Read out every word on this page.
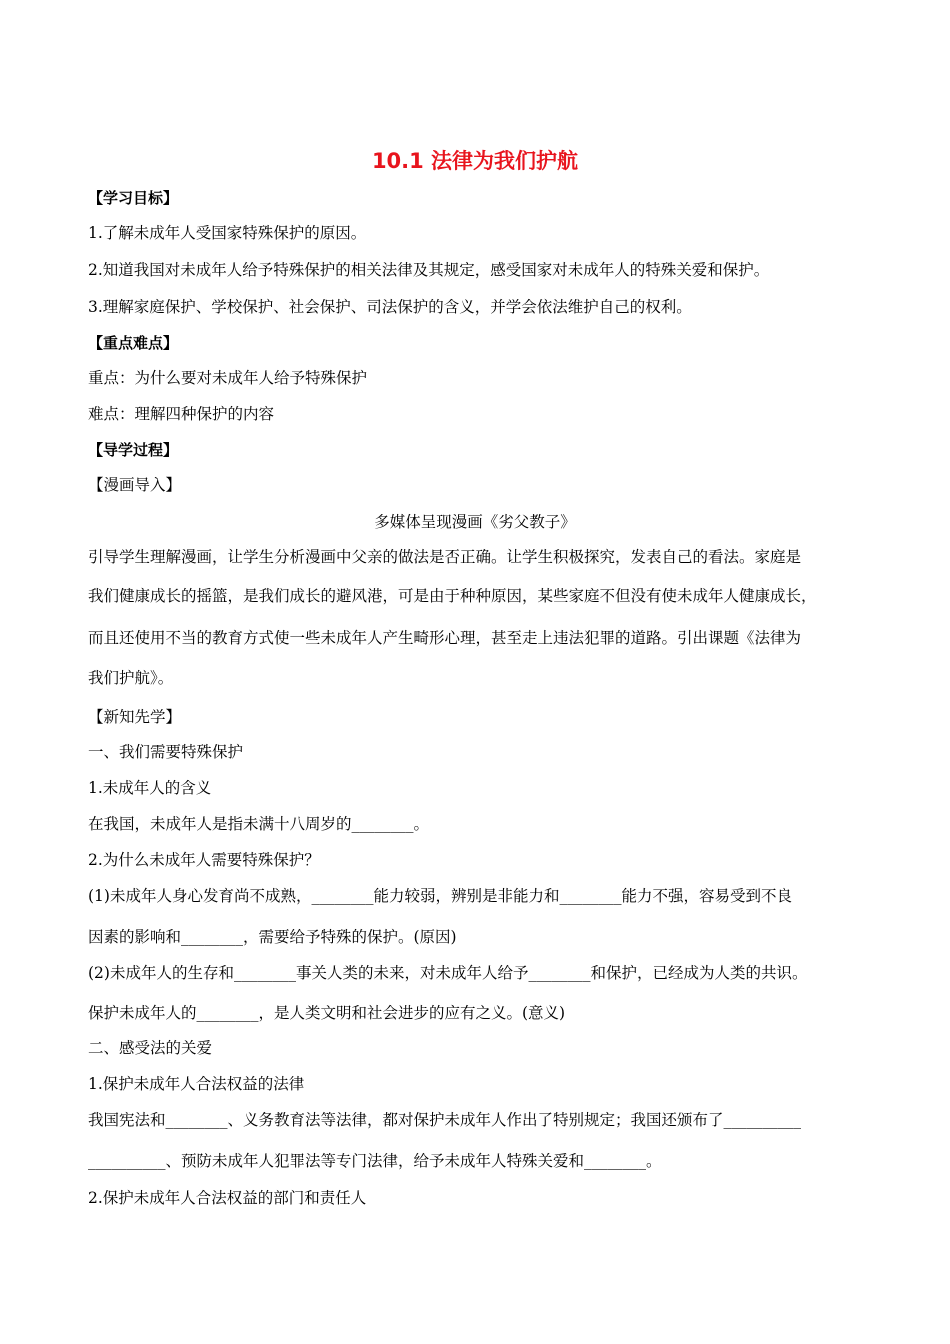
10.1 法律为我们护航
【学习目标】
1.了解未成年人受国家特殊保护的原因。
2.知道我国对未成年人给予特殊保护的相关法律及其规定，感受国家对未成年人的特殊关爱和保护。
3.理解家庭保护、学校保护、社会保护、司法保护的含义，并学会依法维护自己的权利。
【重点难点】
重点：为什么要对未成年人给予特殊保护
难点：理解四种保护的内容
【导学过程】
【漫画导入】
多媒体呈现漫画《劣父教子》
引导学生理解漫画，让学生分析漫画中父亲的做法是否正确。让学生积极探究，发表自己的看法。家庭是
我们健康成长的摇篮，是我们成长的避风港，可是由于种种原因，某些家庭不但没有使未成年人健康成长，
而且还使用不当的教育方式使一些未成年人产生畸形心理，甚至走上违法犯罪的道路。引出课题《法律为
我们护航》。
【新知先学】
一、我们需要特殊保护
1.未成年人的含义
在我国，未成年人是指未满十八周岁的________。
2.为什么未成年人需要特殊保护？
(1)未成年人身心发育尚不成熟，________能力较弱，辨别是非能力和________能力不强，容易受到不良
因素的影响和________，需要给予特殊的保护。(原因)
(2)未成年人的生存和________事关人类的未来，对未成年人给予________和保护，已经成为人类的共识。
保护未成年人的________，是人类文明和社会进步的应有之义。(意义)
二、感受法的关爱
1.保护未成年人合法权益的法律
我国宪法和________、义务教育法等法律，都对保护未成年人作出了特别规定；我国还颁布了__________
__________、预防未成年人犯罪法等专门法律，给予未成年人特殊关爱和________。
2.保护未成年人合法权益的部门和责任人
